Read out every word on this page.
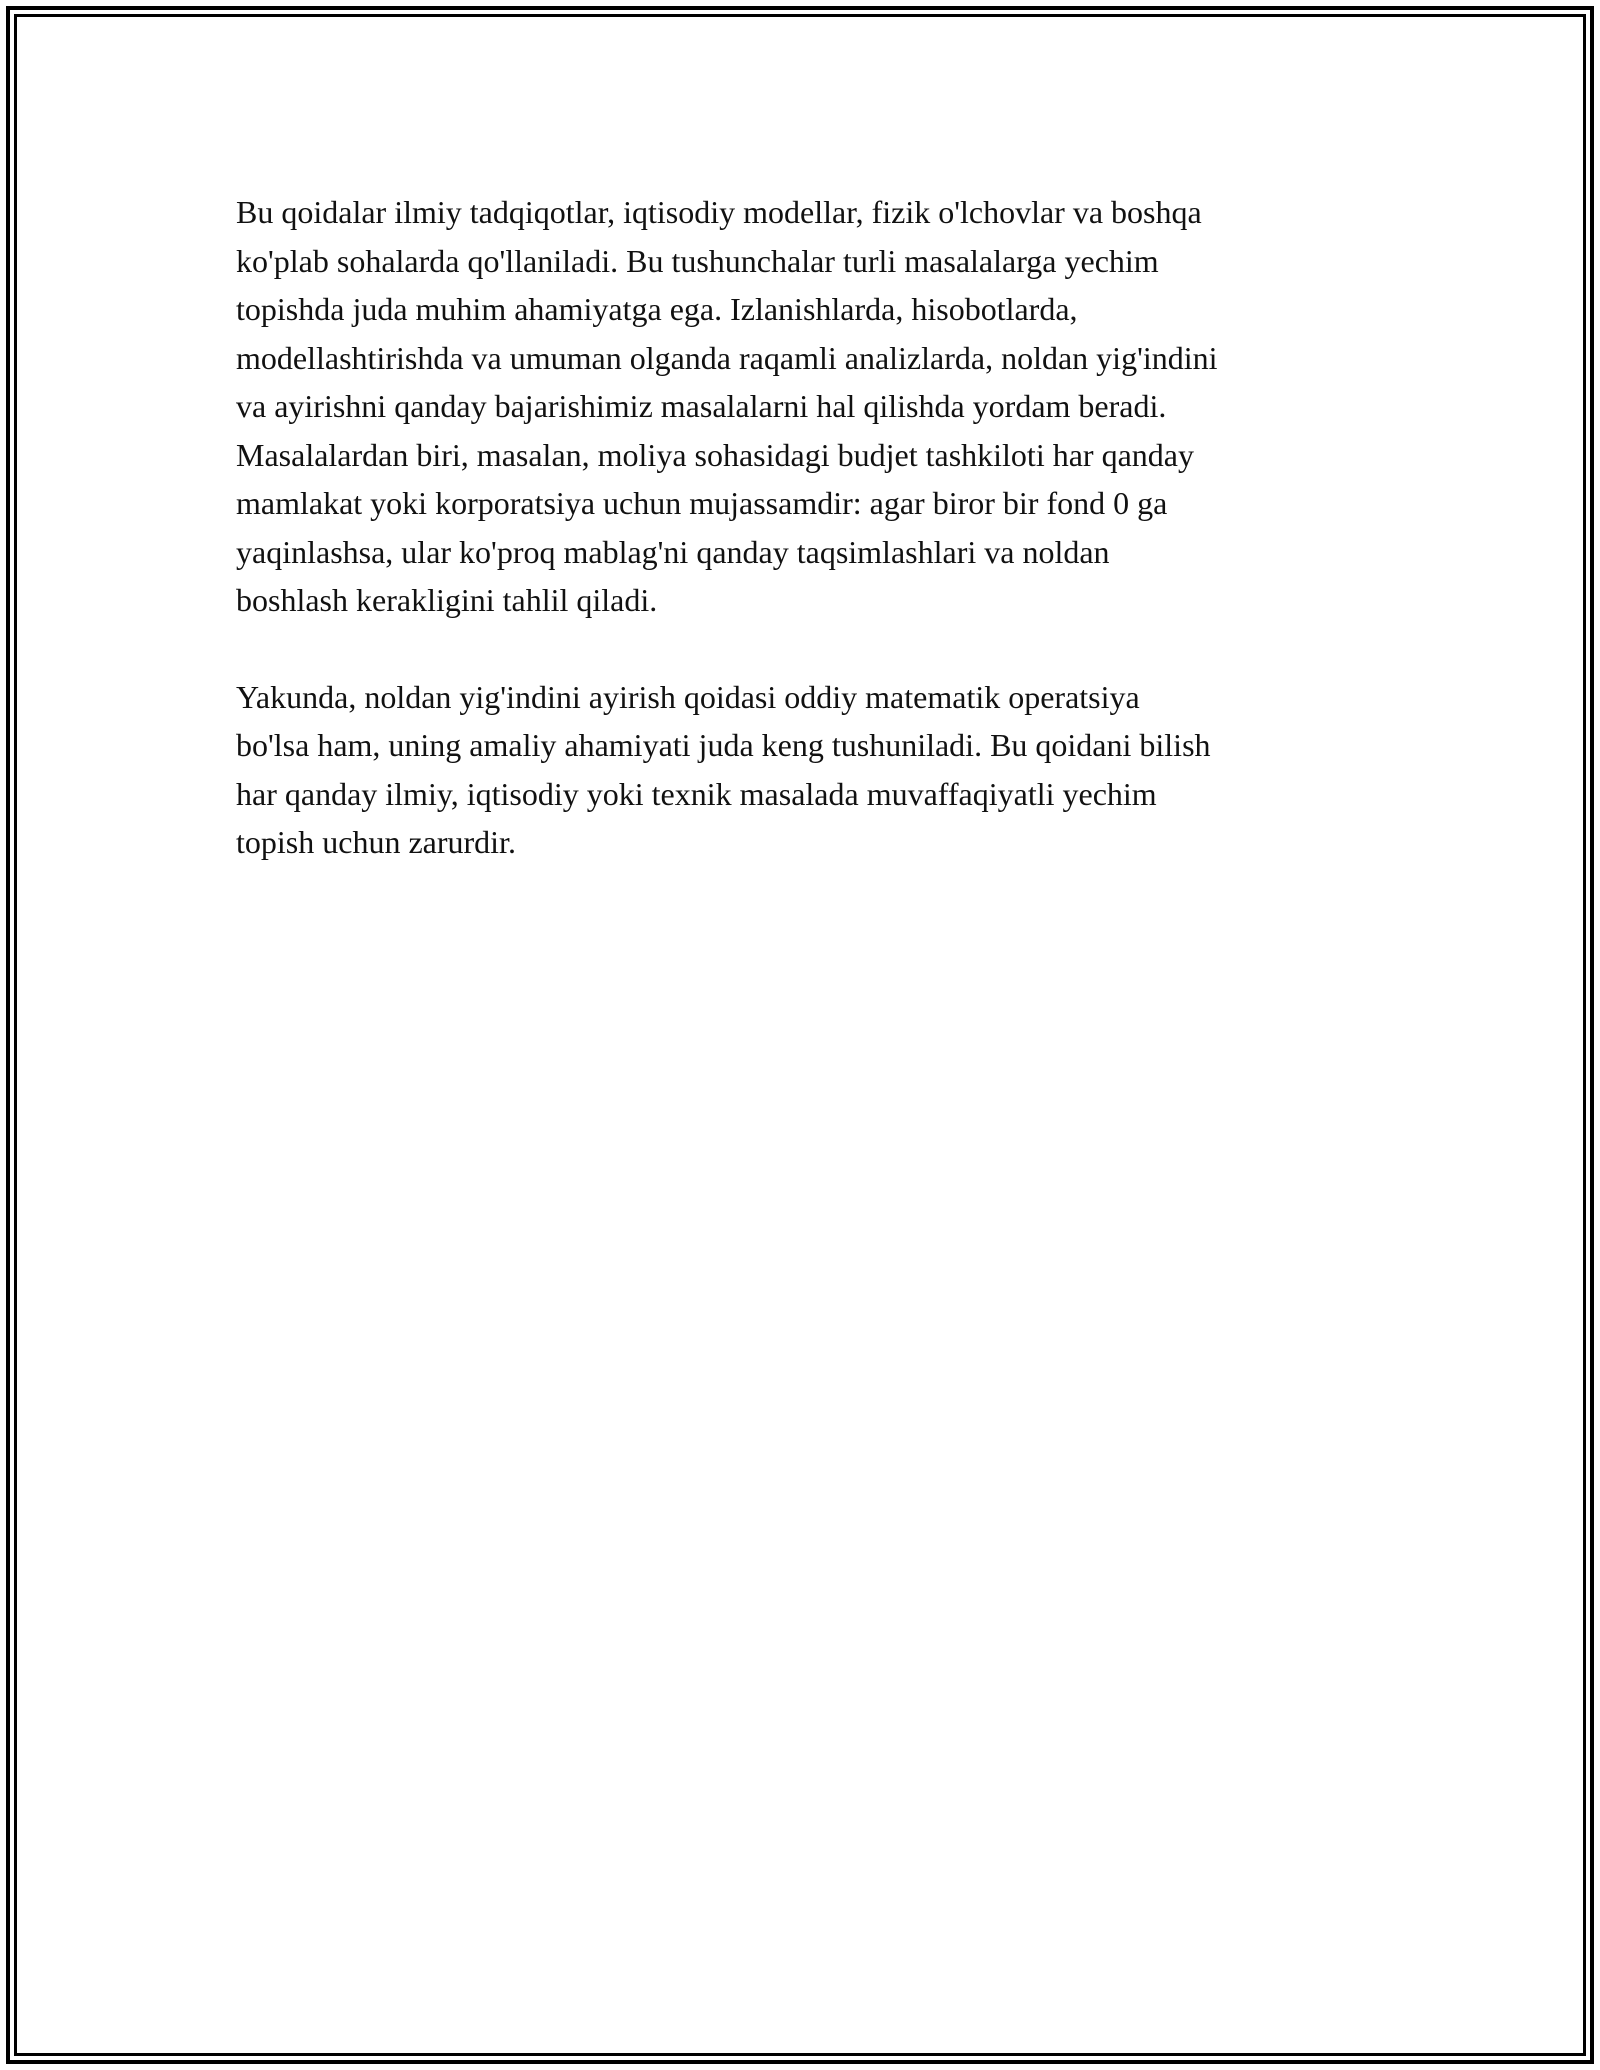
Bu qoidalar ilmiy tadqiqotlar, iqtisodiy modellar, fizik o'lchovlar va boshqa
ko'plab sohalarda qo'llaniladi. Bu tushunchalar turli masalalarga yechim
topishda juda muhim ahamiyatga ega. Izlanishlarda, hisobotlarda,
modellashtirishda va umuman olganda raqamli analizlarda, noldan yig'indini
va ayirishni qanday bajarishimiz masalalarni hal qilishda yordam beradi.
Masalalardan biri, masalan, moliya sohasidagi budjet tashkiloti har qanday
mamlakat yoki korporatsiya uchun mujassamdir: agar biror bir fond 0 ga
yaqinlashsa, ular ko'proq mablag'ni qanday taqsimlashlari va noldan
boshlash kerakligini tahlil qiladi.

Yakunda, noldan yig'indini ayirish qoidasi oddiy matematik operatsiya
bo'lsa ham, uning amaliy ahamiyati juda keng tushuniladi. Bu qoidani bilish
har qanday ilmiy, iqtisodiy yoki texnik masalada muvaffaqiyatli yechim
topish uchun zarurdir.
